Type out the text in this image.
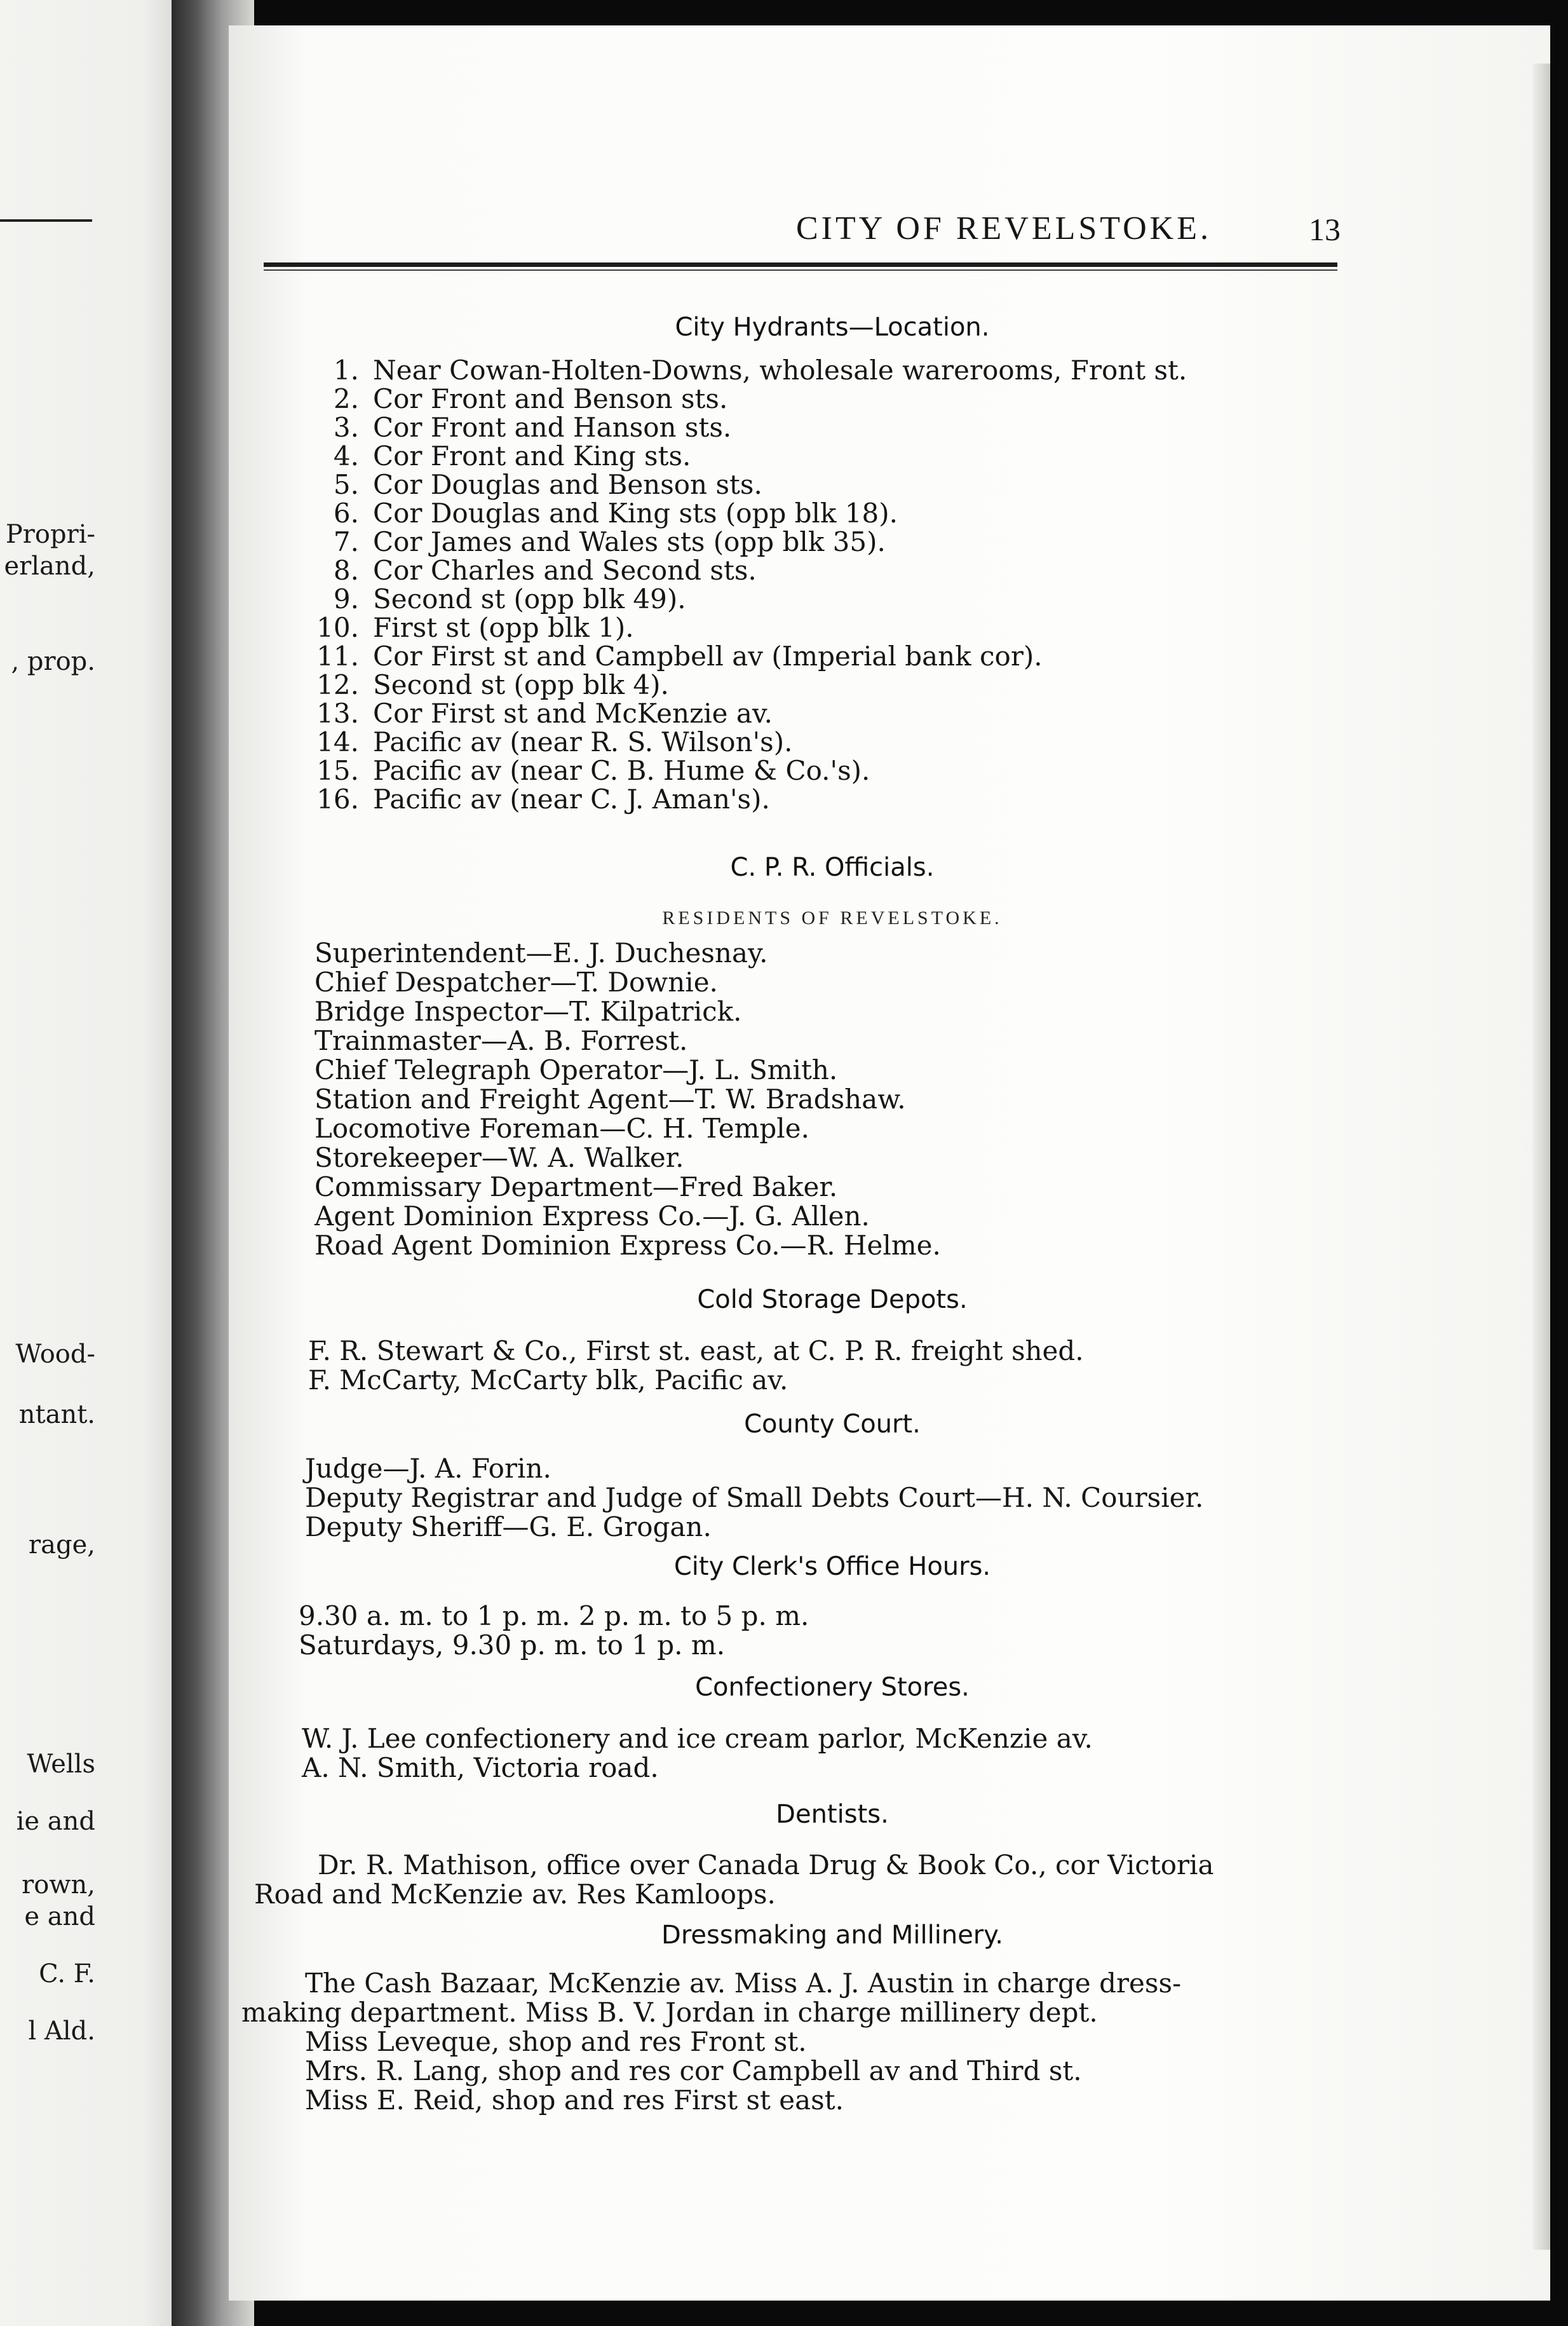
Propri-
erland,
, prop.
Wood-
ntant.
rage,
Wells
ie and
rown,
e and
C. F.
l Ald.
CITY OF REVELSTOKE.	13
City Hydrants—Location.
1. Near Cowan-Holten-Downs, wholesale warerooms, Front st.
2. Cor Front and Benson sts.
3. Cor Front and Hanson sts.
4. Cor Front and King sts.
5. Cor Douglas and Benson sts.
6. Cor Douglas and King sts (opp blk 18).
7. Cor James and Wales sts (opp blk 35).
8. Cor Charles and Second sts.
9. Second st (opp blk 49).
10. First st (opp blk 1).
11. Cor First st and Campbell av (Imperial bank cor).
12. Second st (opp blk 4).
13. Cor First st and McKenzie av.
14. Pacific av (near R. S. Wilson's).
15. Pacific av (near C. B. Hume & Co.'s).
16. Pacific av (near C. J. Aman's).
C. P. R. Officials.
RESIDENTS OF REVELSTOKE.
Superintendent—E. J. Duchesnay.
Chief Despatcher—T. Downie.
Bridge Inspector—T. Kilpatrick.
Trainmaster—A. B. Forrest.
Chief Telegraph Operator—J. L. Smith.
Station and Freight Agent—T. W. Bradshaw.
Locomotive Foreman—C. H. Temple.
Storekeeper—W. A. Walker.
Commissary Department—Fred Baker.
Agent Dominion Express Co.—J. G. Allen.
Road Agent Dominion Express Co.—R. Helme.
Cold Storage Depots.
F. R. Stewart & Co., First st. east, at C. P. R. freight shed.
F. McCarty, McCarty blk, Pacific av.
County Court.
Judge—J. A. Forin.
Deputy Registrar and Judge of Small Debts Court—H. N. Coursier.
Deputy Sheriff—G. E. Grogan.
City Clerk's Office Hours.
9.30 a. m. to 1 p. m. 2 p. m. to 5 p. m.
Saturdays, 9.30 p. m. to 1 p. m.
Confectionery Stores.
W. J. Lee confectionery and ice cream parlor, McKenzie av.
A. N. Smith, Victoria road.
Dentists.
Dr. R. Mathison, office over Canada Drug & Book Co., cor Victoria
Road and McKenzie av. Res Kamloops.
Dressmaking and Millinery.
The Cash Bazaar, McKenzie av. Miss A. J. Austin in charge dress-
making department. Miss B. V. Jordan in charge millinery dept.
Miss Leveque, shop and res Front st.
Mrs. R. Lang, shop and res cor Campbell av and Third st.
Miss E. Reid, shop and res First st east.
